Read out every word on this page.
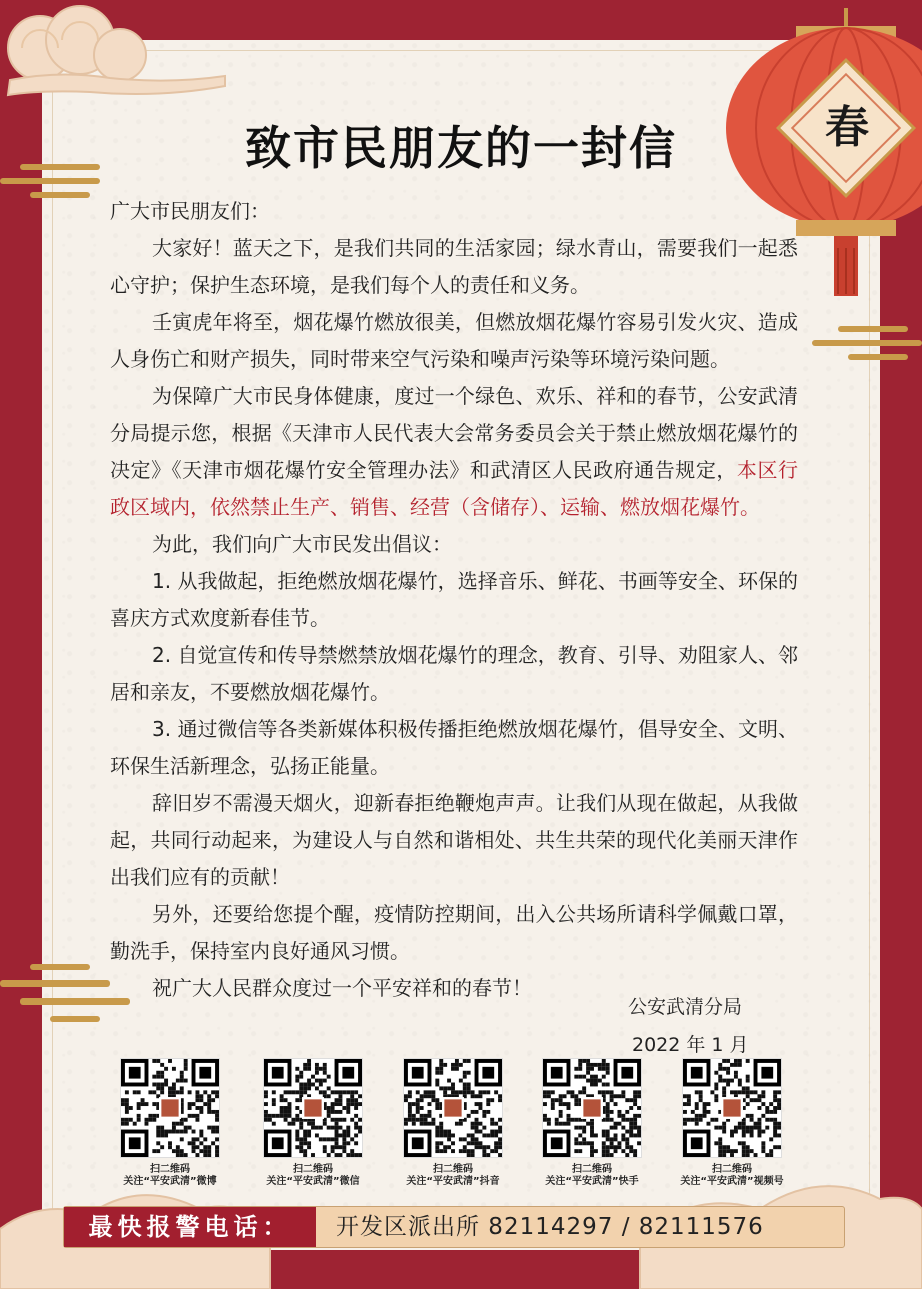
春
致市民朋友的一封信

广大市民朋友们：

大家好！蓝天之下，是我们共同的生活家园；绿水青山，需要我们一起悉心守护；保护生态环境，是我们每个人的责任和义务。

壬寅虎年将至，烟花爆竹燃放很美，但燃放烟花爆竹容易引发火灾、造成人身伤亡和财产损失，同时带来空气污染和噪声污染等环境污染问题。

为保障广大市民身体健康，度过一个绿色、欢乐、祥和的春节，公安武清分局提示您，根据《天津市人民代表大会常务委员会关于禁止燃放烟花爆竹的决定》《天津市烟花爆竹安全管理办法》和武清区人民政府通告规定，本区行政区域内，依然禁止生产、销售、经营（含储存）、运输、燃放烟花爆竹。

为此，我们向广大市民发出倡议：

1. 从我做起，拒绝燃放烟花爆竹，选择音乐、鲜花、书画等安全、环保的喜庆方式欢度新春佳节。

2. 自觉宣传和传导禁燃禁放烟花爆竹的理念，教育、引导、劝阻家人、邻居和亲友，不要燃放烟花爆竹。

3. 通过微信等各类新媒体积极传播拒绝燃放烟花爆竹，倡导安全、文明、环保生活新理念，弘扬正能量。

辞旧岁不需漫天烟火，迎新春拒绝鞭炮声声。让我们从现在做起，从我做起，共同行动起来，为建设人与自然和谐相处、共生共荣的现代化美丽天津作出我们应有的贡献！

另外，还要给您提个醒，疫情防控期间，出入公共场所请科学佩戴口罩，勤洗手，保持室内良好通风习惯。

祝广大人民群众度过一个平安祥和的春节！

公安武清分局
2022 年 1 月
扫二维码
关注“平安武清”微博
扫二维码
关注“平安武清”微信
扫二维码
关注“平安武清”抖音
扫二维码
关注“平安武清”快手
扫二维码
关注“平安武清”视频号
最快报警电话：	开发区派出所 82114297 / 82111576
